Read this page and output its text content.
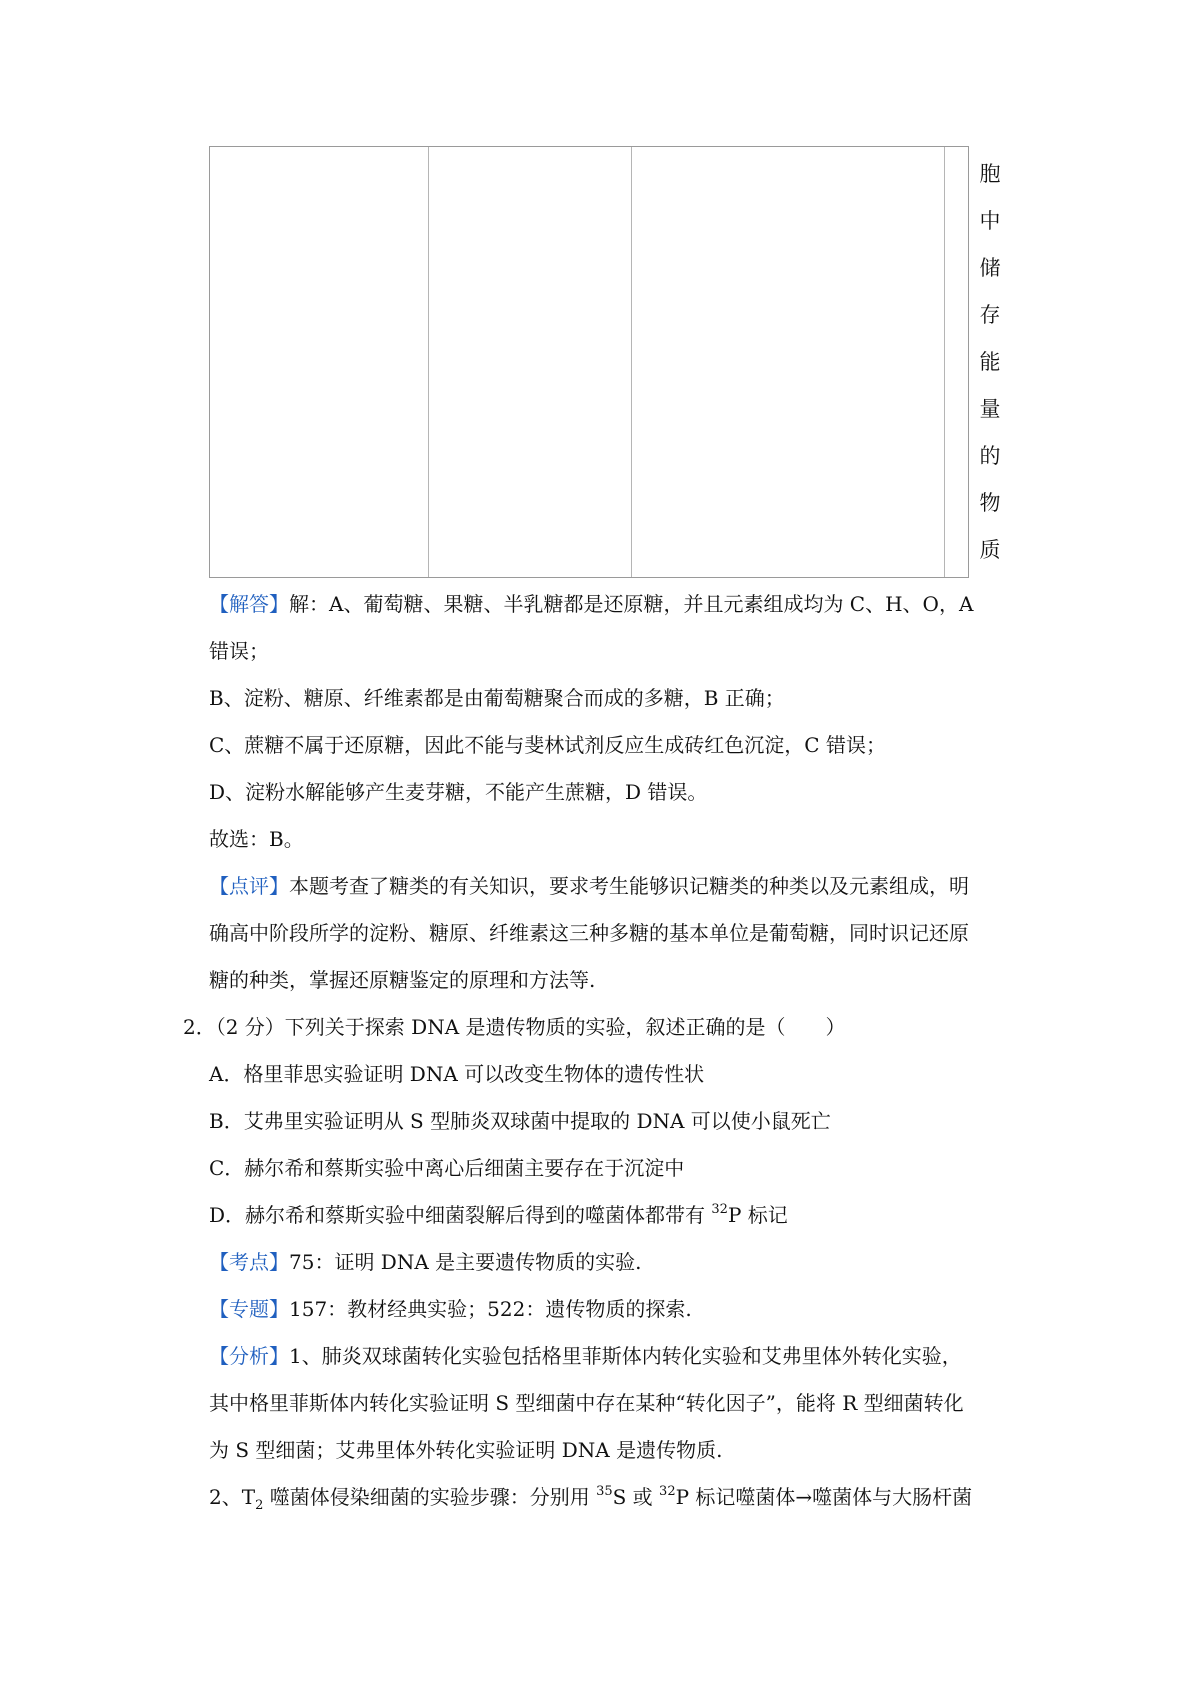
胞
中
储
存
能
量
的
物
质
【解答】解：A、葡萄糖、果糖、半乳糖都是还原糖，并且元素组成均为 C、H、O，A
错误；
B、淀粉、糖原、纤维素都是由葡萄糖聚合而成的多糖，B 正确；
C、蔗糖不属于还原糖，因此不能与斐林试剂反应生成砖红色沉淀，C 错误；
D、淀粉水解能够产生麦芽糖，不能产生蔗糖，D 错误。
故选：B。
【点评】本题考查了糖类的有关知识，要求考生能够识记糖类的种类以及元素组成，明
确高中阶段所学的淀粉、糖原、纤维素这三种多糖的基本单位是葡萄糖，同时识记还原
糖的种类，掌握还原糖鉴定的原理和方法等.
2．（2 分）下列关于探索 DNA 是遗传物质的实验，叙述正确的是（　　）
A．格里菲思实验证明 DNA 可以改变生物体的遗传性状
B．艾弗里实验证明从 S 型肺炎双球菌中提取的 DNA 可以使小鼠死亡
C．赫尔希和蔡斯实验中离心后细菌主要存在于沉淀中
D．赫尔希和蔡斯实验中细菌裂解后得到的噬菌体都带有 $^{32}$P 标记
【考点】75：证明 DNA 是主要遗传物质的实验.
【专题】157：教材经典实验；522：遗传物质的探索.
【分析】1、肺炎双球菌转化实验包括格里菲斯体内转化实验和艾弗里体外转化实验，
其中格里菲斯体内转化实验证明 S 型细菌中存在某种“转化因子”，能将 R 型细菌转化
为 S 型细菌；艾弗里体外转化实验证明 DNA 是遗传物质.
2、$T_2$ 噬菌体侵染细菌的实验步骤：分别用 $^{35}$S 或 $^{32}$P 标记噬菌体→噬菌体与大肠杆菌
